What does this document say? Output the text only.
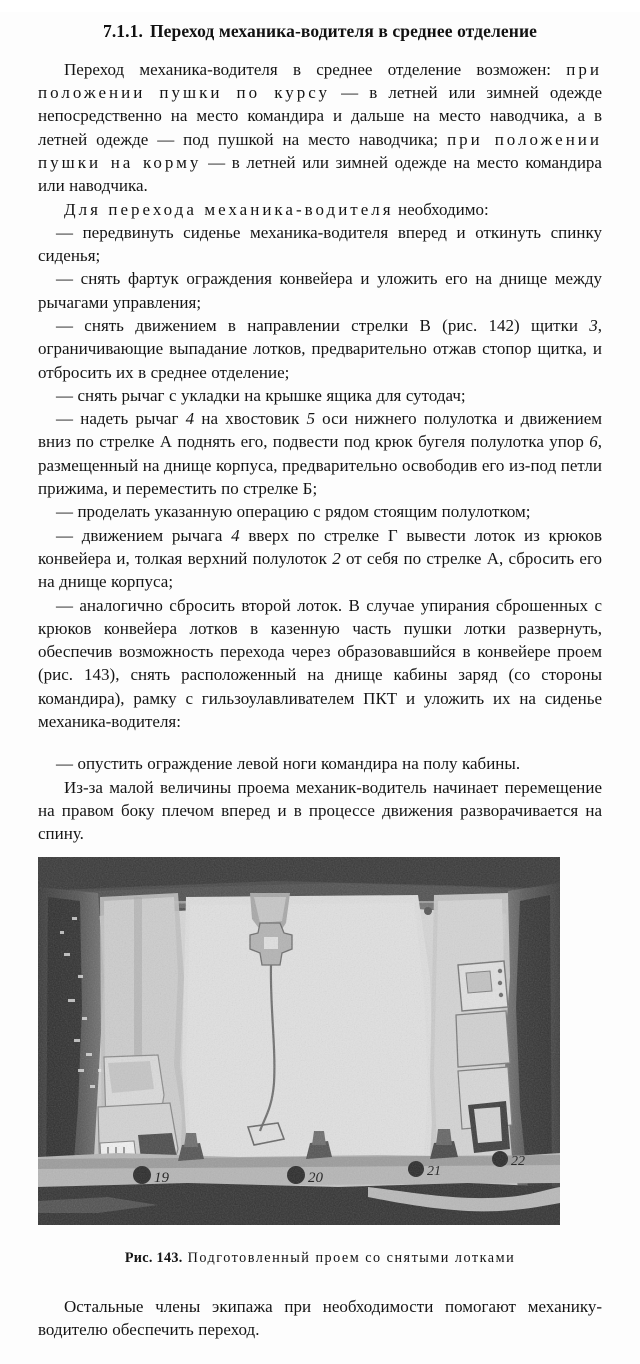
7.1.1. Переход механика-водителя в среднее отделение

Переход механика-водителя в среднее отделение возможен: при положении пушки по курсу — в летней или зимней одежде непосредственно на место командира и дальше на место наводчика, а в летней одежде — под пушкой на место наводчика; при положении пушки на корму — в летней или зимней одежде на место командира или наводчика.

Для перехода механика-водителя необходимо:

— передвинуть сиденье механика-водителя вперед и откинуть спинку сиденья;

— снять фартук ограждения конвейера и уложить его на днище между рычагами управления;

— снять движением в направлении стрелки В (рис. 142) щитки 3, ограничивающие выпадание лотков, предварительно отжав стопор щитка, и отбросить их в среднее отделение;

— снять рычаг с укладки на крышке ящика для сутодач;

— надеть рычаг 4 на хвостовик 5 оси нижнего полулотка и движением вниз по стрелке А поднять его, подвести под крюк бугеля полулотка упор 6, размещенный на днище корпуса, предварительно освободив его из-под петли прижима, и переместить по стрелке Б;

— проделать указанную операцию с рядом стоящим полулотком;

— движением рычага 4 вверх по стрелке Г вывести лоток из крюков конвейера и, толкая верхний полулоток 2 от себя по стрелке А, сбросить его на днище корпуса;

— аналогично сбросить второй лоток. В случае упирания сброшенных с крюков конвейера лотков в казенную часть пушки лотки развернуть, обеспечив возможность перехода через образовавшийся в конвейере проем (рис. 143), снять расположенный на днище кабины заряд (со стороны командира), рамку с гильзоулавливателем ПКТ и уложить их на сиденье механика-водителя:

— опустить ограждение левой ноги командира на полу кабины.

Из-за малой величины проема механик-водитель начинает перемещение на правом боку плечом вперед и в процессе движения разворачивается на спину.

Рис. 143. Подготовленный проем со снятыми лотками

Остальные члены экипажа при необходимости помогают механику-водителю обеспечить переход.
